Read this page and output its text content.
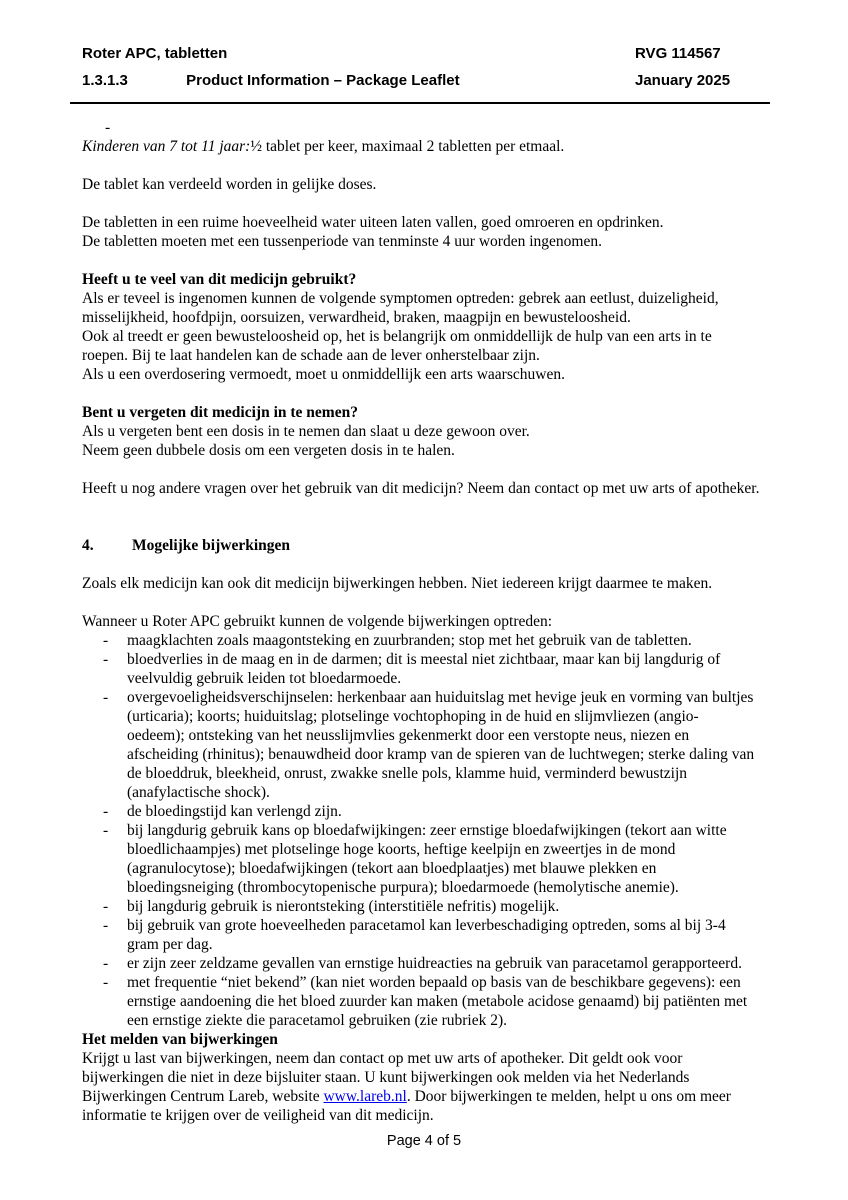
Roter APC, tabletten	RVG 114567
1.3.1.3	Product Information – Package Leaflet	January 2025
-
Kinderen van 7 tot 11 jaar:½ tablet per keer, maximaal 2 tabletten per etmaal.
De tablet kan verdeeld worden in gelijke doses.
De tabletten in een ruime hoeveelheid water uiteen laten vallen, goed omroeren en opdrinken.
De tabletten moeten met een tussenperiode van tenminste 4 uur worden ingenomen.
Heeft u te veel van dit medicijn gebruikt?
Als er teveel is ingenomen kunnen de volgende symptomen optreden: gebrek aan eetlust, duizeligheid,
misselijkheid, hoofdpijn, oorsuizen, verwardheid, braken, maagpijn en bewusteloosheid.
Ook al treedt er geen bewusteloosheid op, het is belangrijk om onmiddellijk de hulp van een arts in te
roepen. Bij te laat handelen kan de schade aan de lever onherstelbaar zijn.
Als u een overdosering vermoedt, moet u onmiddellijk een arts waarschuwen.
Bent u vergeten dit medicijn in te nemen?
Als u vergeten bent een dosis in te nemen dan slaat u deze gewoon over.
Neem geen dubbele dosis om een vergeten dosis in te halen.
Heeft u nog andere vragen over het gebruik van dit medicijn? Neem dan contact op met uw arts of apotheker.
4. Mogelijke bijwerkingen
Zoals elk medicijn kan ook dit medicijn bijwerkingen hebben. Niet iedereen krijgt daarmee te maken.
Wanneer u Roter APC gebruikt kunnen de volgende bijwerkingen optreden:
-	maagklachten zoals maagontsteking en zuurbranden; stop met het gebruik van de tabletten.
-	bloedverlies in de maag en in de darmen; dit is meestal niet zichtbaar, maar kan bij langdurig of
veelvuldig gebruik leiden tot bloedarmoede.
-	overgevoeligheidsverschijnselen: herkenbaar aan huiduitslag met hevige jeuk en vorming van bultjes
(urticaria); koorts; huiduitslag; plotselinge vochtophoping in de huid en slijmvliezen (angio-
oedeem); ontsteking van het neusslijmvlies gekenmerkt door een verstopte neus, niezen en
afscheiding (rhinitus); benauwdheid door kramp van de spieren van de luchtwegen; sterke daling van
de bloeddruk, bleekheid, onrust, zwakke snelle pols, klamme huid, verminderd bewustzijn
(anafylactische shock).
-	de bloedingstijd kan verlengd zijn.
-	bij langdurig gebruik kans op bloedafwijkingen: zeer ernstige bloedafwijkingen (tekort aan witte
bloedlichaampjes) met plotselinge hoge koorts, heftige keelpijn en zweertjes in de mond
(agranulocytose); bloedafwijkingen (tekort aan bloedplaatjes) met blauwe plekken en
bloedingsneiging (thrombocytopenische purpura); bloedarmoede (hemolytische anemie).
-	bij langdurig gebruik is nierontsteking (interstitiële nefritis) mogelijk.
-	bij gebruik van grote hoeveelheden paracetamol kan leverbeschadiging optreden, soms al bij 3-4
gram per dag.
-	er zijn zeer zeldzame gevallen van ernstige huidreacties na gebruik van paracetamol gerapporteerd.
-	met frequentie “niet bekend” (kan niet worden bepaald op basis van de beschikbare gegevens): een
ernstige aandoening die het bloed zuurder kan maken (metabole acidose genaamd) bij patiënten met
een ernstige ziekte die paracetamol gebruiken (zie rubriek 2).
Het melden van bijwerkingen
Krijgt u last van bijwerkingen, neem dan contact op met uw arts of apotheker. Dit geldt ook voor
bijwerkingen die niet in deze bijsluiter staan. U kunt bijwerkingen ook melden via het Nederlands
Bijwerkingen Centrum Lareb, website www.lareb.nl. Door bijwerkingen te melden, helpt u ons om meer
informatie te krijgen over de veiligheid van dit medicijn.
Page 4 of 5
